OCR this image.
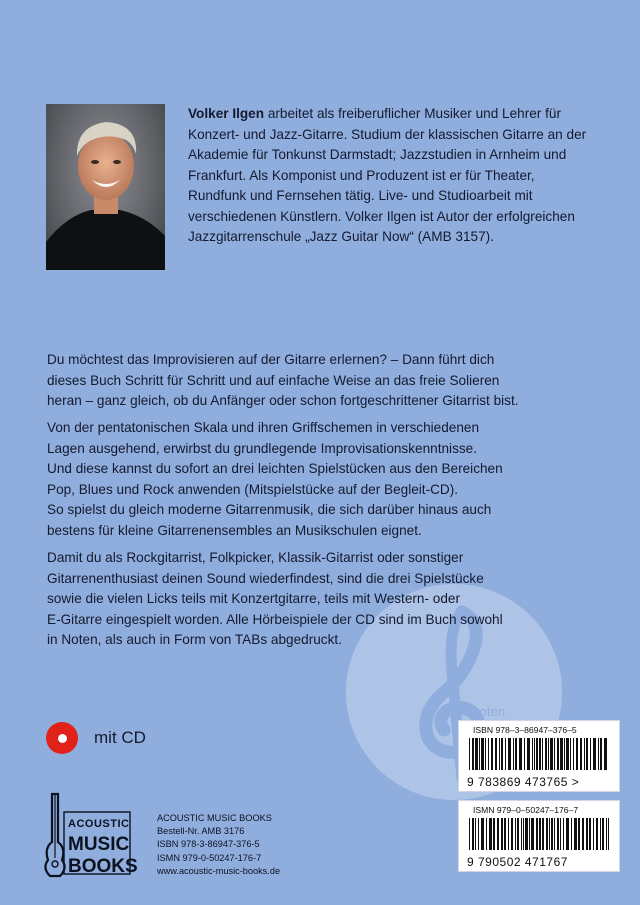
Volker Ilgen arbeitet als freiberuflicher Musiker und Lehrer für Konzert- und Jazz-Gitarre. Studium der klassischen Gitarre an der Akademie für Tonkunst Darmstadt; Jazzstudien in Arnheim und Frankfurt. Als Komponist und Produzent ist er für Theater, Rundfunk und Fernsehen tätig. Live- und Studioarbeit mit verschiedenen Künstlern. Volker Ilgen ist Autor der erfolgreichen Jazzgitarrenschule „Jazz Guitar Now“ (AMB 3157).

alle-noten

Du möchtest das Improvisieren auf der Gitarre erlernen? – Dann führt dich
dieses Buch Schritt für Schritt und auf einfache Weise an das freie Solieren
heran – ganz gleich, ob du Anfänger oder schon fortgeschrittener Gitarrist bist.

Von der pentatonischen Skala und ihren Griffschemen in verschiedenen
Lagen ausgehend, erwirbst du grundlegende Improvisationskenntnisse.
Und diese kannst du sofort an drei leichten Spielstücken aus den Bereichen
Pop, Blues und Rock anwenden (Mitspielstücke auf der Begleit-CD).
So spielst du gleich moderne Gitarrenmusik, die sich darüber hinaus auch
bestens für kleine Gitarrenensembles an Musikschulen eignet.

Damit du als Rockgitarrist, Folkpicker, Klassik-Gitarrist oder sonstiger
Gitarrenenthusiast deinen Sound wiederfindest, sind die drei Spielstücke
sowie die vielen Licks teils mit Konzertgitarre, teils mit Western- oder
E-Gitarre eingespielt worden. Alle Hörbeispiele der CD sind im Buch sowohl
in Noten, als auch in Form von TABs abgedruckt.

mit CD
ACOUSTIC
MUSIC
BOOKS
ACOUSTIC MUSIC BOOKS
Bestell-Nr. AMB 3176
ISBN 978-3-86947-376-5
ISMN 979-0-50247-176-7
www.acoustic-music-books.de
ISBN 978–3–86947–376–5
9 783869 473765 >
ISMN 979–0–50247–176–7
9 790502 471767
